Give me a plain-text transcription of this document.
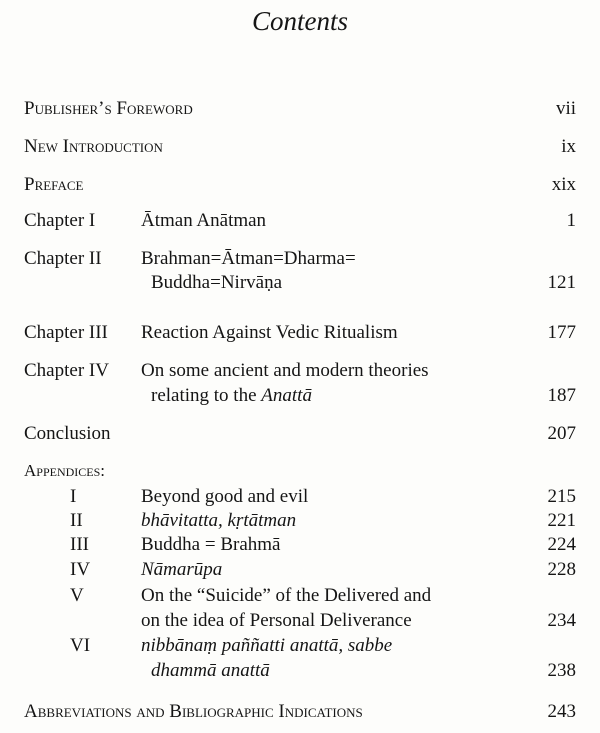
Contents
Publisher’s Foreword	vii
New Introduction	ix
Preface	xix
Chapter I Ātman Anātman	1
Chapter II Brahman=Ātman=Dharma=
Buddha=Nirvāṇa	121
Chapter III Reaction Against Vedic Ritualism	177
Chapter IV On some ancient and modern theories
relating to the Anattā	187
Conclusion	207
Appendices:
I	Beyond good and evil	215
II	bhāvitatta, kṛtātman	221
III	Buddha = Brahmā	224
IV	Nāmarūpa	228
V	On the “Suicide” of the Delivered and
on the idea of Personal Deliverance	234
VI	nibbānaṃ paññatti anattā, sabbe
dhammā anattā	238
Abbreviations and Bibliographic Indications	243
